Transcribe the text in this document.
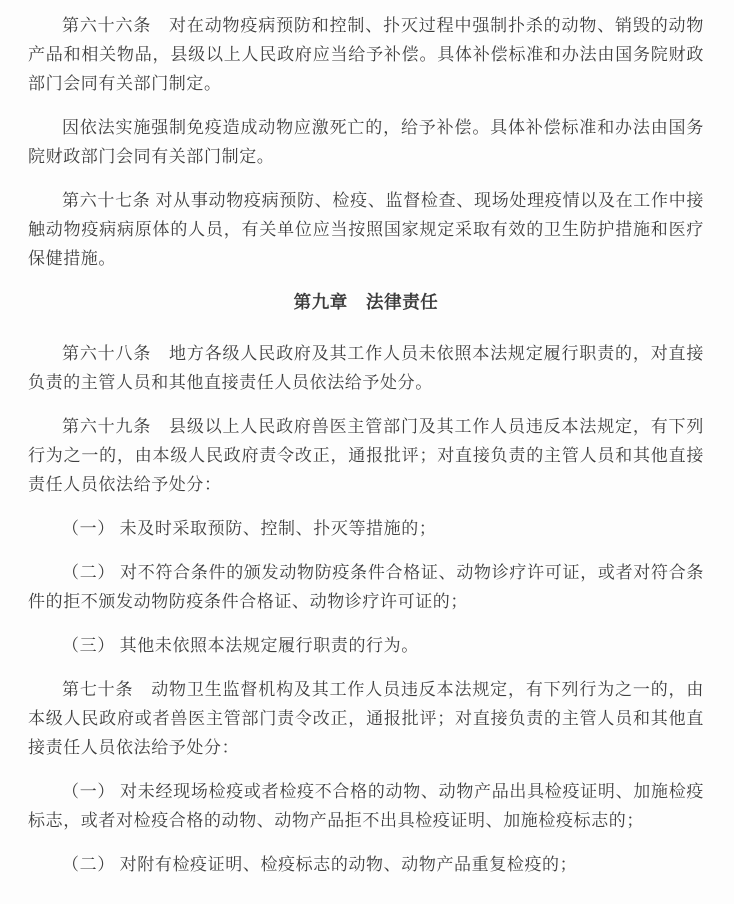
第六十六条　对在动物疫病预防和控制、扑灭过程中强制扑杀的动物、销毁的动物产品和相关物品，县级以上人民政府应当给予补偿。具体补偿标准和办法由国务院财政部门会同有关部门制定。

因依法实施强制免疫造成动物应激死亡的，给予补偿。具体补偿标准和办法由国务院财政部门会同有关部门制定。

第六十七条 对从事动物疫病预防、检疫、监督检查、现场处理疫情以及在工作中接触动物疫病病原体的人员，有关单位应当按照国家规定采取有效的卫生防护措施和医疗保健措施。

第九章　法律责任

第六十八条　地方各级人民政府及其工作人员未依照本法规定履行职责的，对直接负责的主管人员和其他直接责任人员依法给予处分。

第六十九条　县级以上人民政府兽医主管部门及其工作人员违反本法规定，有下列行为之一的，由本级人民政府责令改正，通报批评；对直接负责的主管人员和其他直接责任人员依法给予处分：

（一） 未及时采取预防、控制、扑灭等措施的；

（二） 对不符合条件的颁发动物防疫条件合格证、动物诊疗许可证，或者对符合条件的拒不颁发动物防疫条件合格证、动物诊疗许可证的；

（三） 其他未依照本法规定履行职责的行为。

第七十条　动物卫生监督机构及其工作人员违反本法规定，有下列行为之一的，由本级人民政府或者兽医主管部门责令改正，通报批评；对直接负责的主管人员和其他直接责任人员依法给予处分：

（一） 对未经现场检疫或者检疫不合格的动物、动物产品出具检疫证明、加施检疫标志，或者对检疫合格的动物、动物产品拒不出具检疫证明、加施检疫标志的；

（二） 对附有检疫证明、检疫标志的动物、动物产品重复检疫的；
